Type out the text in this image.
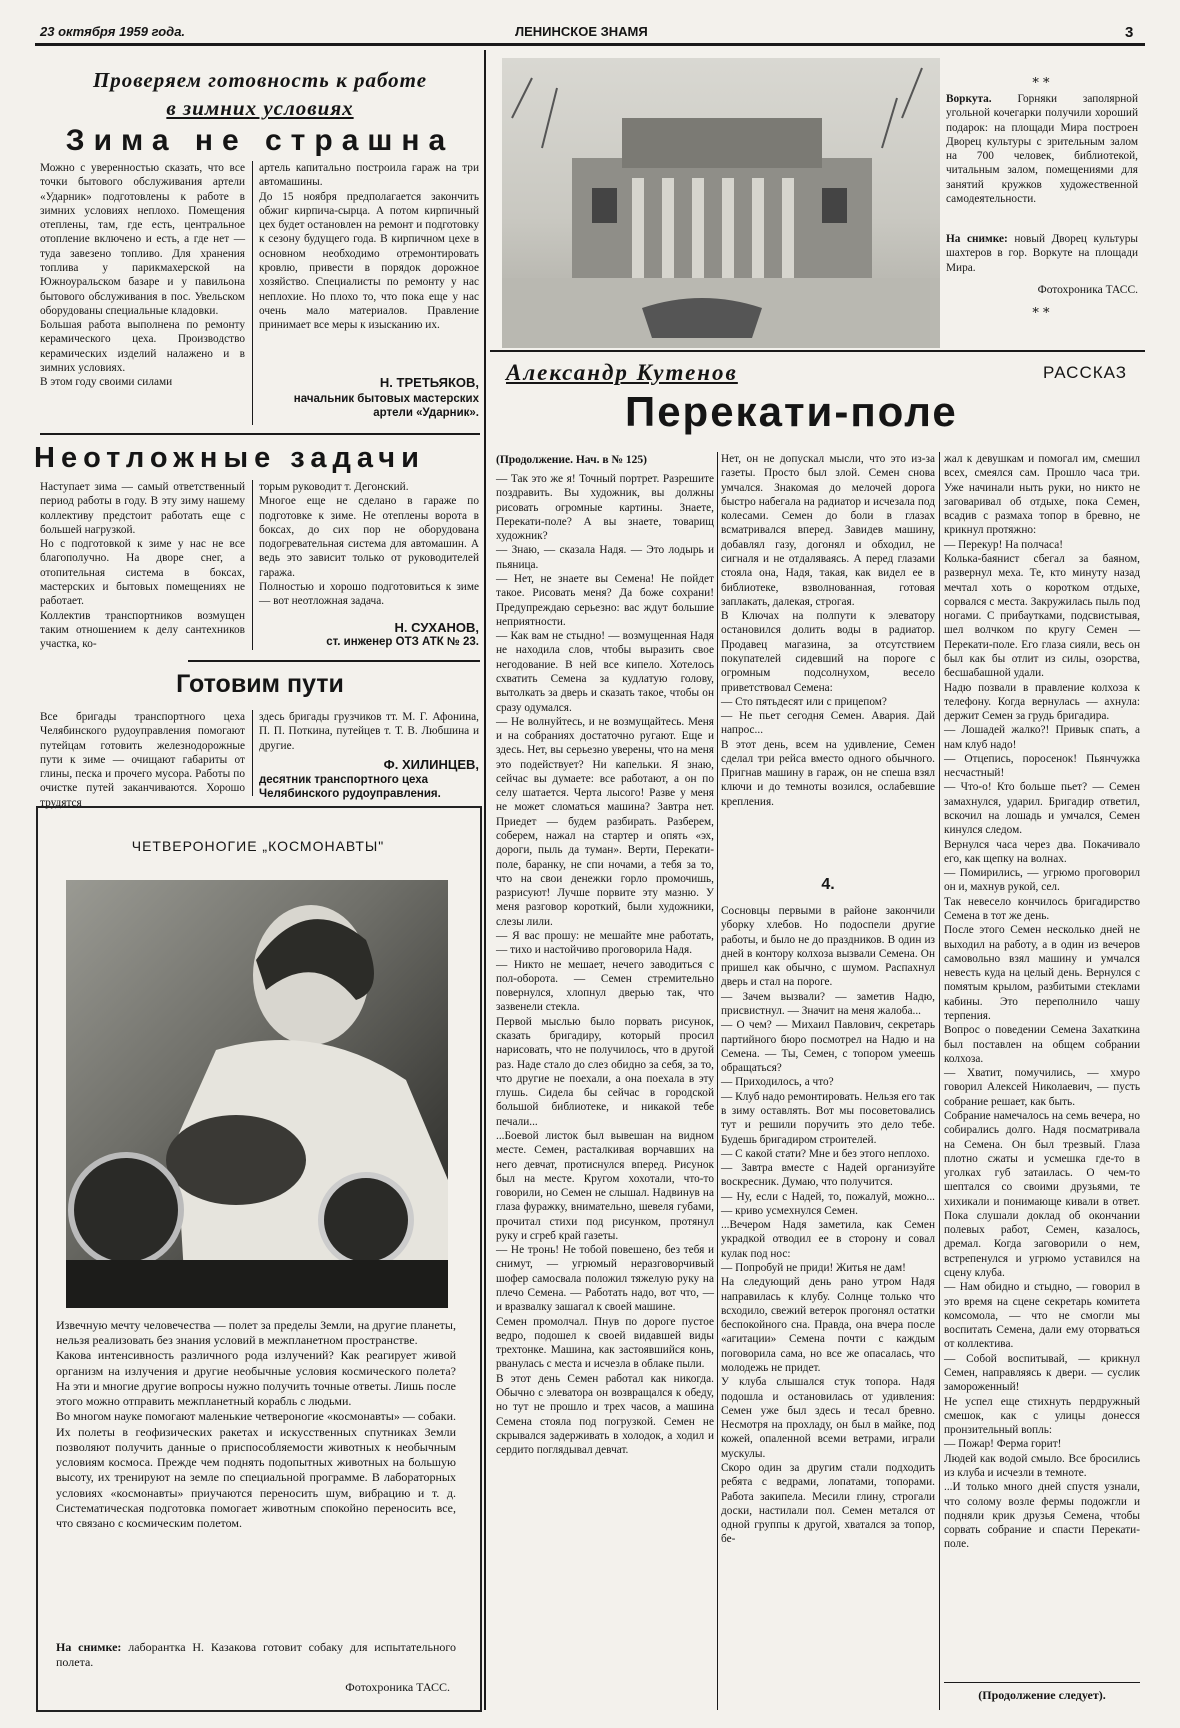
23 октября 1959 года.	ЛЕНИНСКОЕ ЗНАМЯ	3

Проверяем готовность к работе

в зимних условиях

Зима не страшна

Можно с уверенностью сказать, что все точки бытового обслуживания артели «Ударник» подготовлены к работе в зимних условиях неплохо. Помещения отеплены, там, где есть, центральное отопление включено и есть, а где нет — туда завезено топливо. Для хранения топлива у парикмахерской на Южноуральском базаре и у павильона бытового обслуживания в пос. Увельском оборудованы специальные кладовки.
Большая работа выполнена по ремонту керамического цеха. Производство керамических изделий налажено и в зимних условиях.
В этом году своими силами

артель капитально построила гараж на три автомашины.
До 15 ноября предполагается закончить обжиг кирпича-сырца. А потом кирпичный цех будет остановлен на ремонт и подготовку к сезону будущего года. В кирпичном цехе в основном необходимо отремонтировать кровлю, привести в порядок дорожное хозяйство. Специалисты по ремонту у нас неплохие. Но плохо то, что пока еще у нас очень мало материалов. Правление принимает все меры к изысканию их.

Н. ТРЕТЬЯКОВ,

начальник бытовых мастерских артели «Ударник».

Неотложные задачи

Наступает зима — самый ответственный период работы в году. В эту зиму нашему коллективу предстоит работать еще с большей нагрузкой.
Но с подготовкой к зиме у нас не все благополучно. На дворе снег, а отопительная система в боксах, мастерских и бытовых помещениях не работает.
Коллектив транспортников возмущен таким отношением к делу сантехников участка, ко-

торым руководит т. Дегонский.
Многое еще не сделано в гараже по подготовке к зиме. Не отеплены ворота в боксах, до сих пор не оборудована подогревательная система для автомашин. А ведь это зависит только от руководителей гаража.
Полностью и хорошо подготовиться к зиме — вот неотложная задача.

Н. СУХАНОВ,

ст. инженер ОТЗ АТК № 23.

Готовим пути

Все бригады транспортного цеха Челябинского рудоуправления помогают путейцам готовить железнодорожные пути к зиме — очищают габариты от глины, песка и прочего мусора. Работы по очистке путей заканчиваются. Хорошо трудятся

здесь бригады грузчиков тт. М. Г. Афонина, П. П. Поткина, путейцев т. Т. В. Любшина и другие.

Ф. ХИЛИНЦЕВ,

десятник транспортного цеха Челябинского рудоуправления.

ЧЕТВЕРОНОГИЕ „КОСМОНАВТЫ"

Извечную мечту человечества — полет за пределы Земли, на другие планеты, нельзя реализовать без знания условий в межпланетном пространстве.
Какова интенсивность различного рода излучений? Как реагирует живой организм на излучения и другие необычные условия космического полета? На эти и многие другие вопросы нужно получить точные ответы. Лишь после этого можно отправить межпланетный корабль с людьми.
Во многом науке помогают маленькие четвероногие «космонавты» — собаки. Их полеты в геофизических ракетах и искусственных спутниках Земли позволяют получить данные о приспособляемости животных к необычным условиям космоса. Прежде чем поднять подопытных животных на большую высоту, их тренируют на земле по специальной программе. В лабораторных условиях «космонавты» приучаются переносить шум, вибрацию и т. д. Систематическая подготовка помогает животным спокойно переносить все, что связано с космическим полетом.

На снимке: лаборантка Н. Казакова готовит собаку для испытательного полета.

Фотохроника ТАСС.
* *

Воркута. Горняки заполярной угольной кочегарки получили хороший подарок: на площади Мира построен Дворец культуры с зрительным залом на 700 человек, библиотекой, читальным залом, помещениями для занятий кружков художественной самодеятельности.

На снимке: новый Дворец культуры шахтеров в гор. Воркуте на площади Мира.

Фотохроника ТАСС.
* *
Александр Кутенов	РАССКАЗ
Перекати-поле

(Продолжение. Нач. в № 125)

— Так это же я! Точный портрет. Разрешите поздравить. Вы художник, вы должны рисовать огромные картины. Знаете, Перекати-поле? А вы знаете, товарищ художник?
— Знаю, — сказала Надя. — Это лодырь и пьяница.
— Нет, не знаете вы Семена! Не пойдет такое. Рисовать меня? Да боже сохрани! Предупреждаю серьезно: вас ждут большие неприятности.
— Как вам не стыдно! — возмущенная Надя не находила слов, чтобы выразить свое негодование. В ней все кипело. Хотелось схватить Семена за кудлатую голову, вытолкать за дверь и сказать такое, чтобы он сразу одумался.
— Не волнуйтесь, и не возмущайтесь. Меня и на собраниях достаточно ругают. Еще и здесь. Нет, вы серьезно уверены, что на меня это подействует? Ни капельки. Я знаю, сейчас вы думаете: все работают, а он по селу шатается. Черта лысого! Разве у меня не может сломаться машина? Завтра нет. Приедет — будем разбирать. Разберем, соберем, нажал на стартер и опять «эх, дороги, пыль да туман». Верти, Перекати-поле, баранку, не спи ночами, а тебя за то, что на свои денежки горло промочишь, разрисуют! Лучше порвите эту мазню. У меня разговор короткий, были художники, слезы лили.
— Я вас прошу: не мешайте мне работать, — тихо и настойчиво проговорила Надя.
— Никто не мешает, нечего заводиться с пол-оборота. — Семен стремительно повернулся, хлопнул дверью так, что зазвенели стекла.
Первой мыслью было порвать рисунок, сказать бригадиру, который просил нарисовать, что не получилось, что в другой раз. Наде стало до слез обидно за себя, за то, что другие не поехали, а она поехала в эту глушь. Сидела бы сейчас в городской большой библиотеке, и никакой тебе печали...
...Боевой листок был вывешан на видном месте. Семен, расталкивая ворчавших на него девчат, протиснулся вперед. Рисунок был на месте. Кругом хохотали, что-то говорили, но Семен не слышал. Надвинув на глаза фуражку, внимательно, шевеля губами, прочитал стихи под рисунком, протянул руку и сгреб край газеты.
— Не тронь! Не тобой повешено, без тебя и снимут, — угрюмый неразговорчивый шофер самосвала положил тяжелую руку на плечо Семена. — Работать надо, вот что, — и вразвалку зашагал к своей машине.
Семен промолчал. Пнув по дороге пустое ведро, подошел к своей видавшей виды трехтонке. Машина, как застоявшийся конь, рванулась с места и исчезла в облаке пыли.
В этот день Семен работал как никогда. Обычно с элеватора он возвращался к обеду, но тут не прошло и трех часов, а машина Семена стояла под погрузкой. Семен не скрывался задерживать в холодок, а ходил и сердито поглядывал девчат.

Нет, он не допускал мысли, что это из-за газеты. Просто был злой. Семен снова умчался. Знакомая до мелочей дорога быстро набегала на радиатор и исчезала под колесами. Семен до боли в глазах всматривался вперед. Завидев машину, добавлял газу, догонял и обходил, не сигналя и не отдаляваясь. А перед глазами стояла она, Надя, такая, как видел ее в библиотеке, взволнованная, готовая заплакать, далекая, строгая.
В Ключах на полпути к элеватору остановился долить воды в радиатор. Продавец магазина, за отсутствием покупателей сидевший на пороге с огромным подсолнухом, весело приветствовал Семена:
— Сто пятьдесят или с прицепом?
— Не пьет сегодня Семен. Авария. Дай напрос...
В этот день, всем на удивление, Семен сделал три рейса вместо одного обычного. Пригнав машину в гараж, он не спеша взял ключи и до темноты возился, ослабевшие крепления.

4.

Сосновцы первыми в районе закончили уборку хлебов. Но подоспели другие работы, и было не до праздников. В один из дней в контору колхоза вызвали Семена. Он пришел как обычно, с шумом. Распахнул дверь и стал на пороге.
— Зачем вызвали? — заметив Надю, присвистнул. — Значит на меня жалоба...
— О чем? — Михаил Павлович, секретарь партийного бюро посмотрел на Надю и на Семена. — Ты, Семен, с топором умеешь обращаться?
— Приходилось, а что?
— Клуб надо ремонтировать. Нельзя его так в зиму оставлять. Вот мы посоветовались тут и решили поручить это дело тебе. Будешь бригадиром строителей.
— С какой стати? Мне и без этого неплохо.
— Завтра вместе с Надей организуйте воскресник. Думаю, что получится.
— Ну, если с Надей, то, пожалуй, можно... — криво усмехнулся Семен.
...Вечером Надя заметила, как Семен украдкой отводил ее в сторону и совал кулак под нос:
— Попробуй не приди! Житья не дам!
На следующий день рано утром Надя направилась к клубу. Солнце только что всходило, свежий ветерок прогонял остатки беспокойного сна. Правда, она вчера после «агитации» Семена почти с каждым поговорила сама, но все же опасалась, что молодежь не придет.
У клуба слышался стук топора. Надя подошла и остановилась от удивления: Семен уже был здесь и тесал бревно. Несмотря на прохладу, он был в майке, под кожей, опаленной всеми ветрами, играли мускулы.
Скоро один за другим стали подходить ребята с ведрами, лопатами, топорами. Работа закипела. Месили глину, строгали доски, настилали пол. Семен метался от одной группы к другой, хватался за топор, бе-

жал к девушкам и помогал им, смешил всех, смеялся сам. Прошло часа три. Уже начинали ныть руки, но никто не заговаривал об отдыхе, пока Семен, всадив с размаха топор в бревно, не крикнул протяжно:
— Перекур! На полчаса!
Колька-баянист сбегал за баяном, развернул меха. Те, кто минуту назад мечтал хоть о коротком отдыхе, сорвался с места. Закружилась пыль под ногами. С прибаутками, подсвистывая, шел волчком по кругу Семен — Перекати-поле. Его глаза сияли, весь он был как бы отлит из силы, озорства, бесшабашной удали.
Надю позвали в правление колхоза к телефону. Когда вернулась — ахнула: держит Семен за грудь бригадира.
— Лошадей жалко?! Привык спать, а нам клуб надо!
— Отцепись, поросенок! Пьянчужка несчастный!
— Что-о! Кто больше пьет? — Семен замахнулся, ударил. Бригадир ответил, вскочил на лошадь и умчался, Семен кинулся следом.
Вернулся часа через два. Покачивало его, как щепку на волнах.
— Помирились, — угрюмо проговорил он и, махнув рукой, сел.
Так невесело кончилось бригадирство Семена в тот же день.
После этого Семен несколько дней не выходил на работу, а в один из вечеров самовольно взял машину и умчался невесть куда на целый день. Вернулся с помятым крылом, разбитыми стеклами кабины. Это переполнило чашу терпения.
Вопрос о поведении Семена Захаткина был поставлен на общем собрании колхоза.
— Хватит, помучились, — хмуро говорил Алексей Николаевич, — пусть собрание решает, как быть.
Собрание намечалось на семь вечера, но собирались долго. Надя посматривала на Семена. Он был трезвый. Глаза плотно сжаты и усмешка где-то в уголках губ затаилась. О чем-то шептался со своими друзьями, те хихикали и понимающе кивали в ответ. Пока слушали доклад об окончании полевых работ, Семен, казалось, дремал. Когда заговорили о нем, встрепенулся и угрюмо уставился на сцену клуба.
— Нам обидно и стыдно, — говорил в это время на сцене секретарь комитета комсомола, — что не смогли мы воспитать Семена, дали ему оторваться от коллектива.
— Собой воспитывай, — крикнул Семен, направляясь к двери. — суслик замороженный!
Не успел еще стихнуть пердружный смешок, как с улицы донесся пронзительный вопль:
— Пожар! Ферма горит!
Людей как водой смыло. Все бросились из клуба и исчезли в темноте.
...И только много дней спустя узнали, что солому возле фермы подожгли и подняли крик друзья Семена, чтобы сорвать собрание и спасти Перекати-поле.

(Продолжение следует).
